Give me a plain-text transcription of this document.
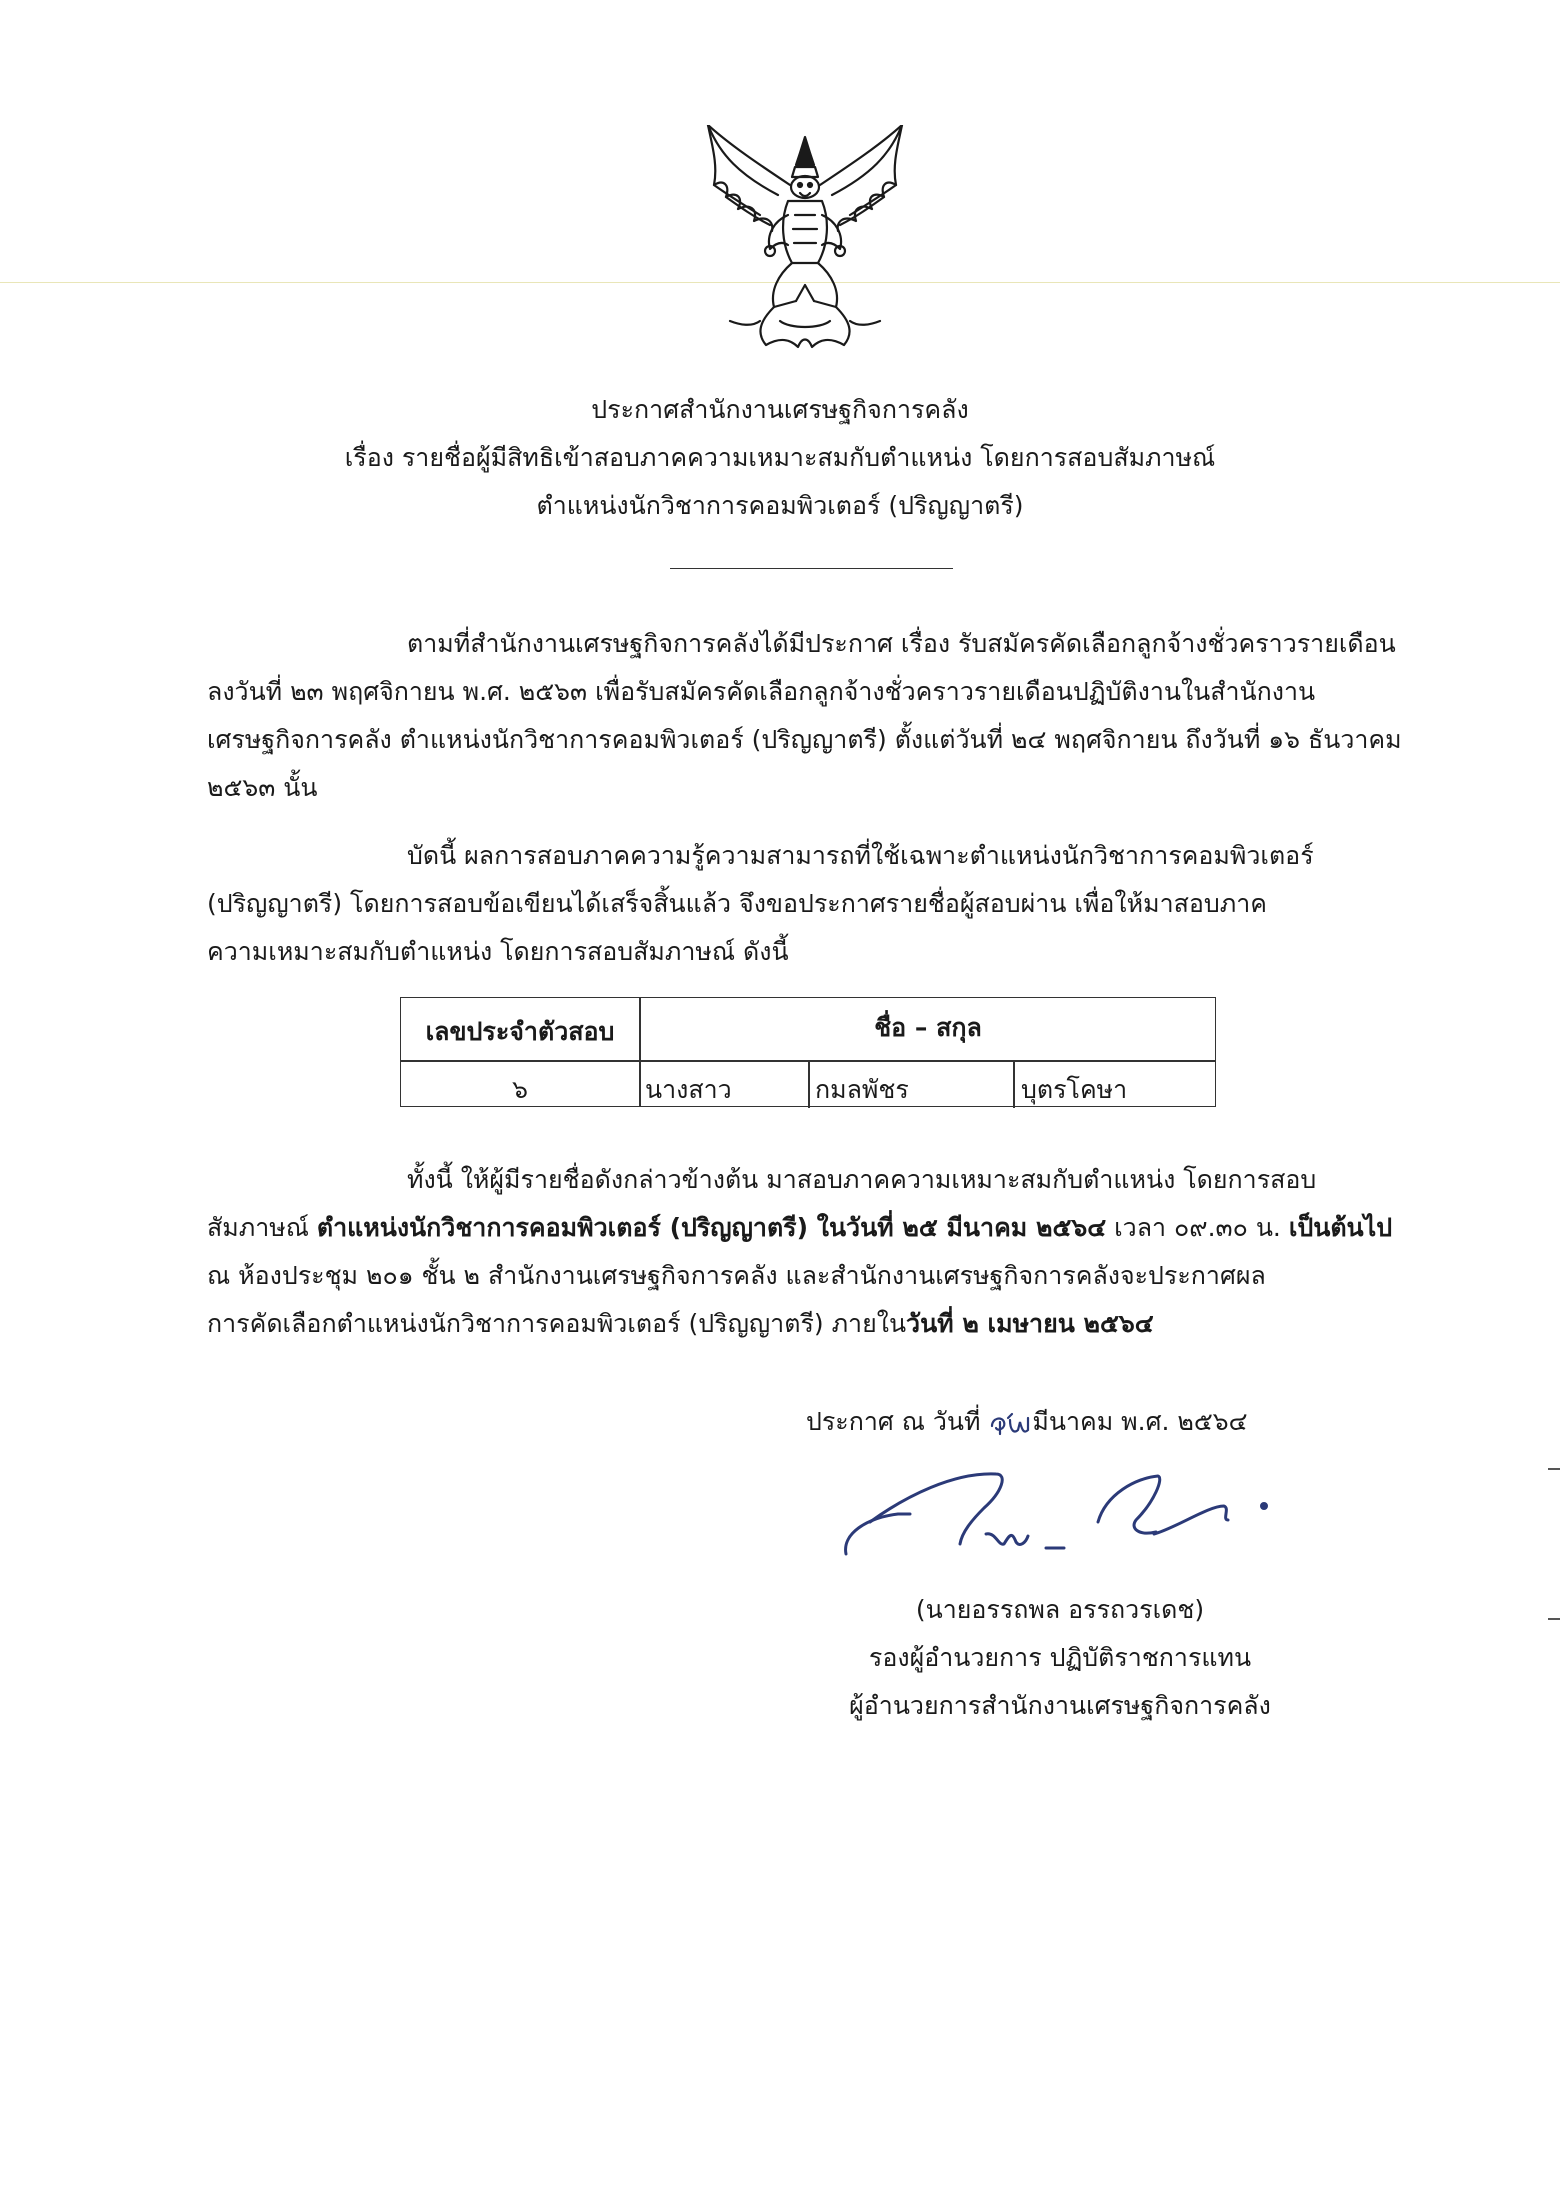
ประกาศสำนักงานเศรษฐกิจการคลัง
เรื่อง รายชื่อผู้มีสิทธิเข้าสอบภาคความเหมาะสมกับตำแหน่ง โดยการสอบสัมภาษณ์
ตำแหน่งนักวิชาการคอมพิวเตอร์ (ปริญญาตรี)
ตามที่สำนักงานเศรษฐกิจการคลังได้มีประกาศ เรื่อง รับสมัครคัดเลือกลูกจ้างชั่วคราวรายเดือน
ลงวันที่ ๒๓ พฤศจิกายน พ.ศ. ๒๕๖๓ เพื่อรับสมัครคัดเลือกลูกจ้างชั่วคราวรายเดือนปฏิบัติงานในสำนักงาน
เศรษฐกิจการคลัง ตำแหน่งนักวิชาการคอมพิวเตอร์ (ปริญญาตรี) ตั้งแต่วันที่ ๒๔ พฤศจิกายน ถึงวันที่ ๑๖ ธันวาคม
๒๕๖๓ นั้น
บัดนี้ ผลการสอบภาคความรู้ความสามารถที่ใช้เฉพาะตำแหน่งนักวิชาการคอมพิวเตอร์
(ปริญญาตรี) โดยการสอบข้อเขียนได้เสร็จสิ้นแล้ว จึงขอประกาศรายชื่อผู้สอบผ่าน เพื่อให้มาสอบภาค
ความเหมาะสมกับตำแหน่ง โดยการสอบสัมภาษณ์ ดังนี้
เลขประจำตัวสอบ	ชื่อ – สกุล
๖	นางสาว	กมลพัชร	บุตรโคษา
ทั้งนี้ ให้ผู้มีรายชื่อดังกล่าวข้างต้น มาสอบภาคความเหมาะสมกับตำแหน่ง โดยการสอบ
สัมภาษณ์ ตำแหน่งนักวิชาการคอมพิวเตอร์ (ปริญญาตรี) ในวันที่ ๒๕ มีนาคม ๒๕๖๔ เวลา ๐๙.๓๐ น. เป็นต้นไป
ณ ห้องประชุม ๒๐๑ ชั้น ๒ สำนักงานเศรษฐกิจการคลัง และสำนักงานเศรษฐกิจการคลังจะประกาศผล
การคัดเลือกตำแหน่งนักวิชาการคอมพิวเตอร์ (ปริญญาตรี) ภายในวันที่ ๒ เมษายน ๒๕๖๔
ประกาศ ณ วันที่ มีนาคม พ.ศ. ๒๕๖๔
(นายอรรถพล อรรถวรเดช)
รองผู้อำนวยการ ปฏิบัติราชการแทน
ผู้อำนวยการสำนักงานเศรษฐกิจการคลัง
